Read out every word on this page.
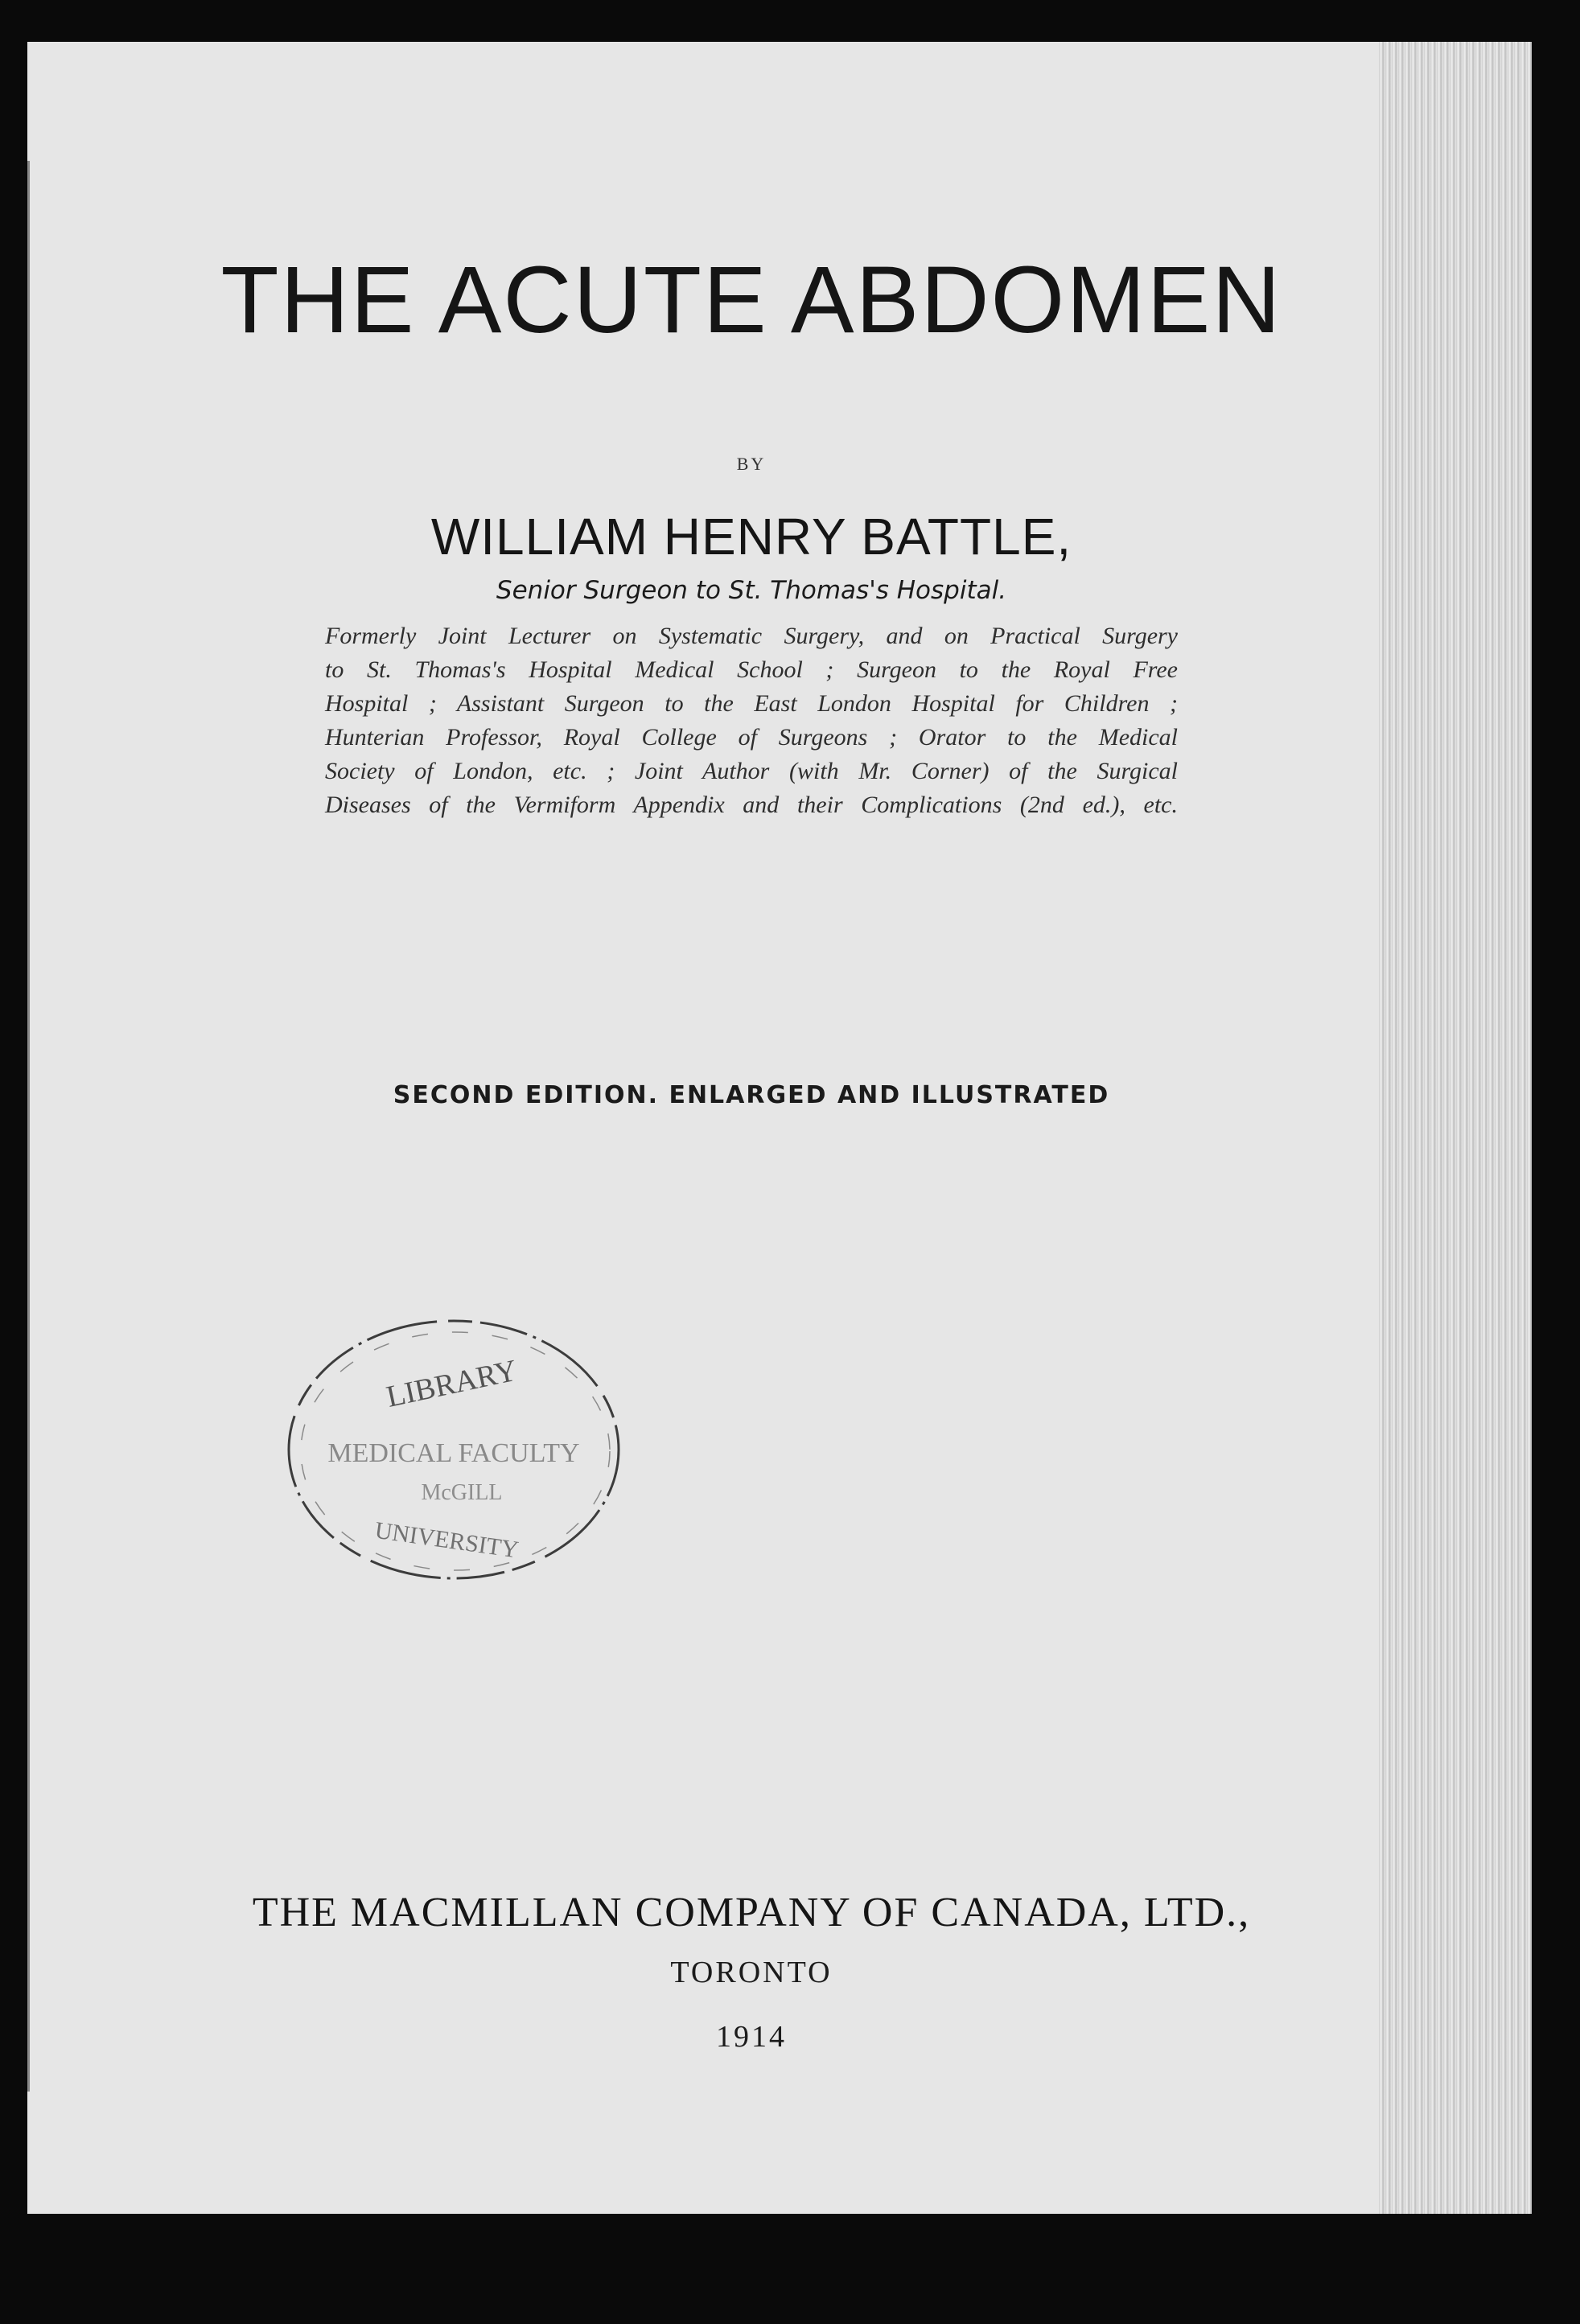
THE ACUTE ABDOMEN
BY
WILLIAM HENRY BATTLE,
Senior Surgeon to St. Thomas's Hospital.
Formerly Joint Lecturer on Systematic Surgery, and on Practical Surgery
to St. Thomas's Hospital Medical School ; Surgeon to the Royal Free
Hospital ; Assistant Surgeon to the East London Hospital for Children ;
Hunterian Professor, Royal College of Surgeons ; Orator to the Medical
Society of London, etc. ; Joint Author (with Mr. Corner) of the Surgical
Diseases of the Vermiform Appendix and their Complications (2nd ed.), etc.
SECOND EDITION. ENLARGED AND ILLUSTRATED
LIBRARY
MEDICAL FACULTY
McGILL
UNIVERSITY
THE MACMILLAN COMPANY OF CANADA, LTD.,
TORONTO
1914
